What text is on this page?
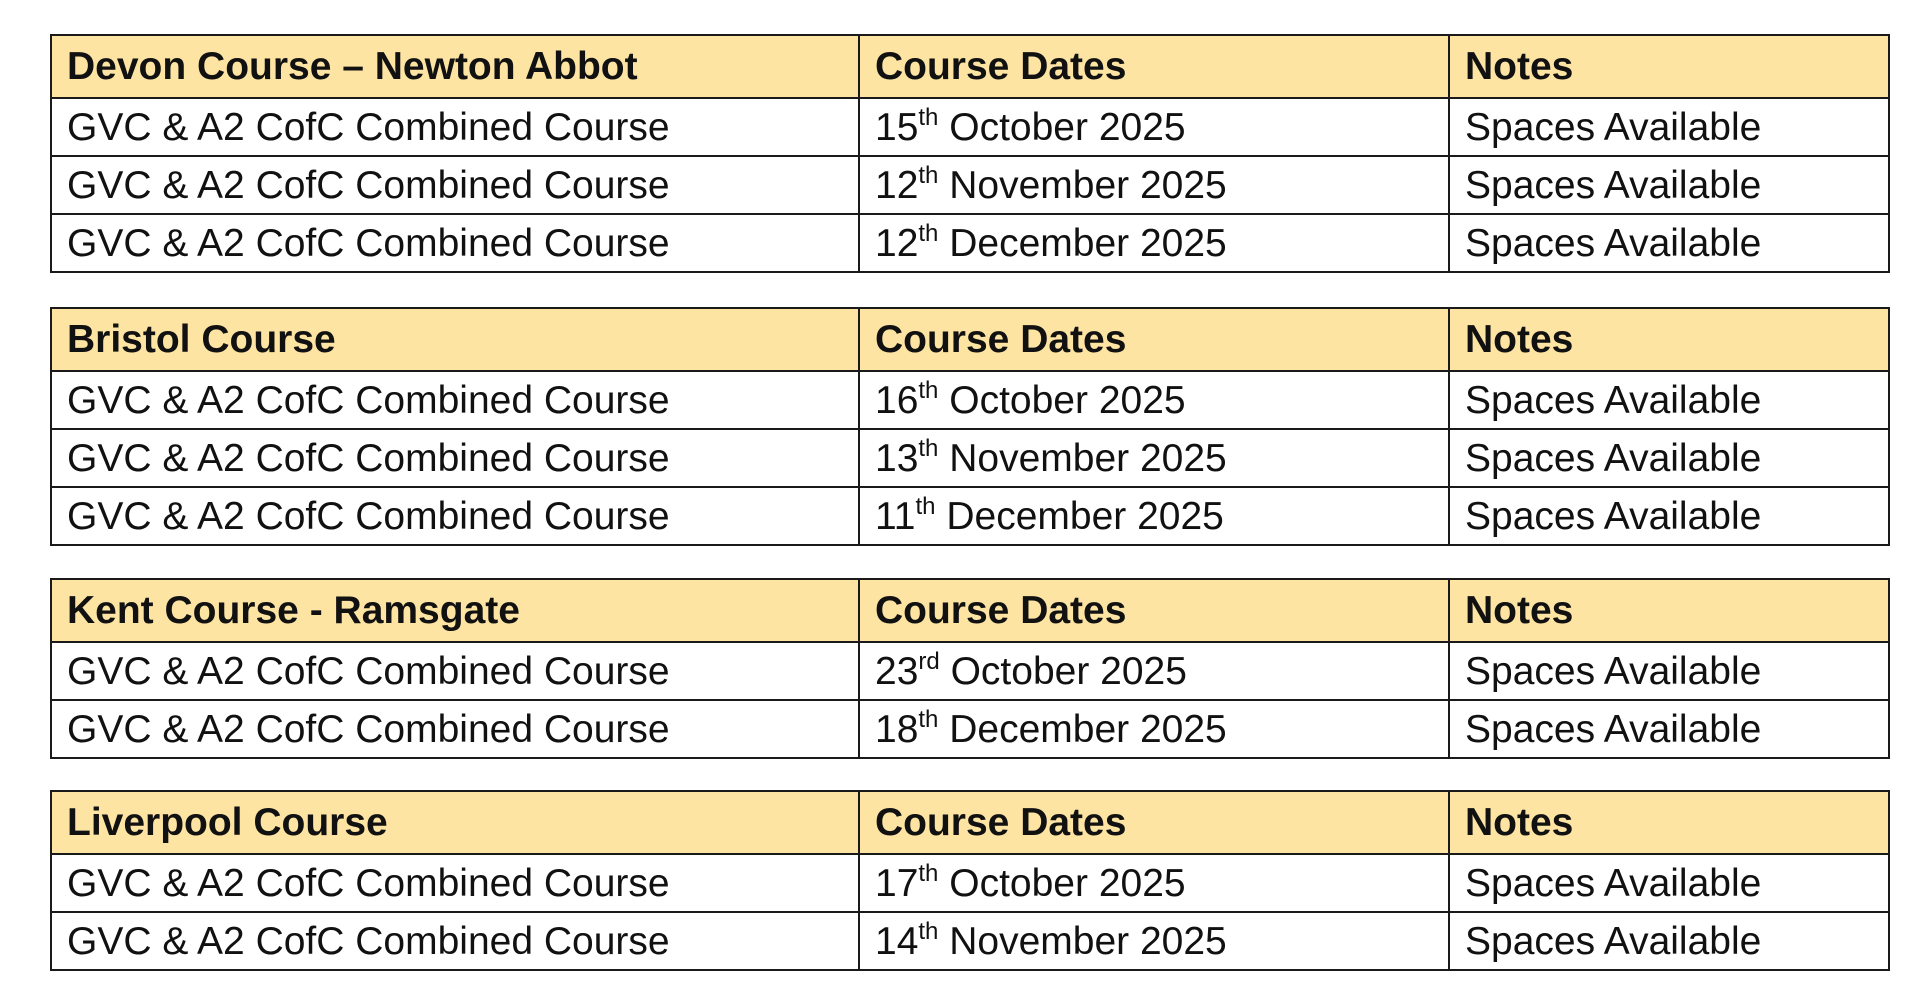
Devon Course – Newton Abbot	Course Dates	Notes
GVC & A2 CofC Combined Course	15th October 2025	Spaces Available
GVC & A2 CofC Combined Course	12th November 2025	Spaces Available
GVC & A2 CofC Combined Course	12th December 2025	Spaces Available
Bristol Course	Course Dates	Notes
GVC & A2 CofC Combined Course	16th October 2025	Spaces Available
GVC & A2 CofC Combined Course	13th November 2025	Spaces Available
GVC & A2 CofC Combined Course	11th December 2025	Spaces Available
Kent Course - Ramsgate	Course Dates	Notes
GVC & A2 CofC Combined Course	23rd October 2025	Spaces Available
GVC & A2 CofC Combined Course	18th December 2025	Spaces Available
Liverpool Course	Course Dates	Notes
GVC & A2 CofC Combined Course	17th October 2025	Spaces Available
GVC & A2 CofC Combined Course	14th November 2025	Spaces Available
